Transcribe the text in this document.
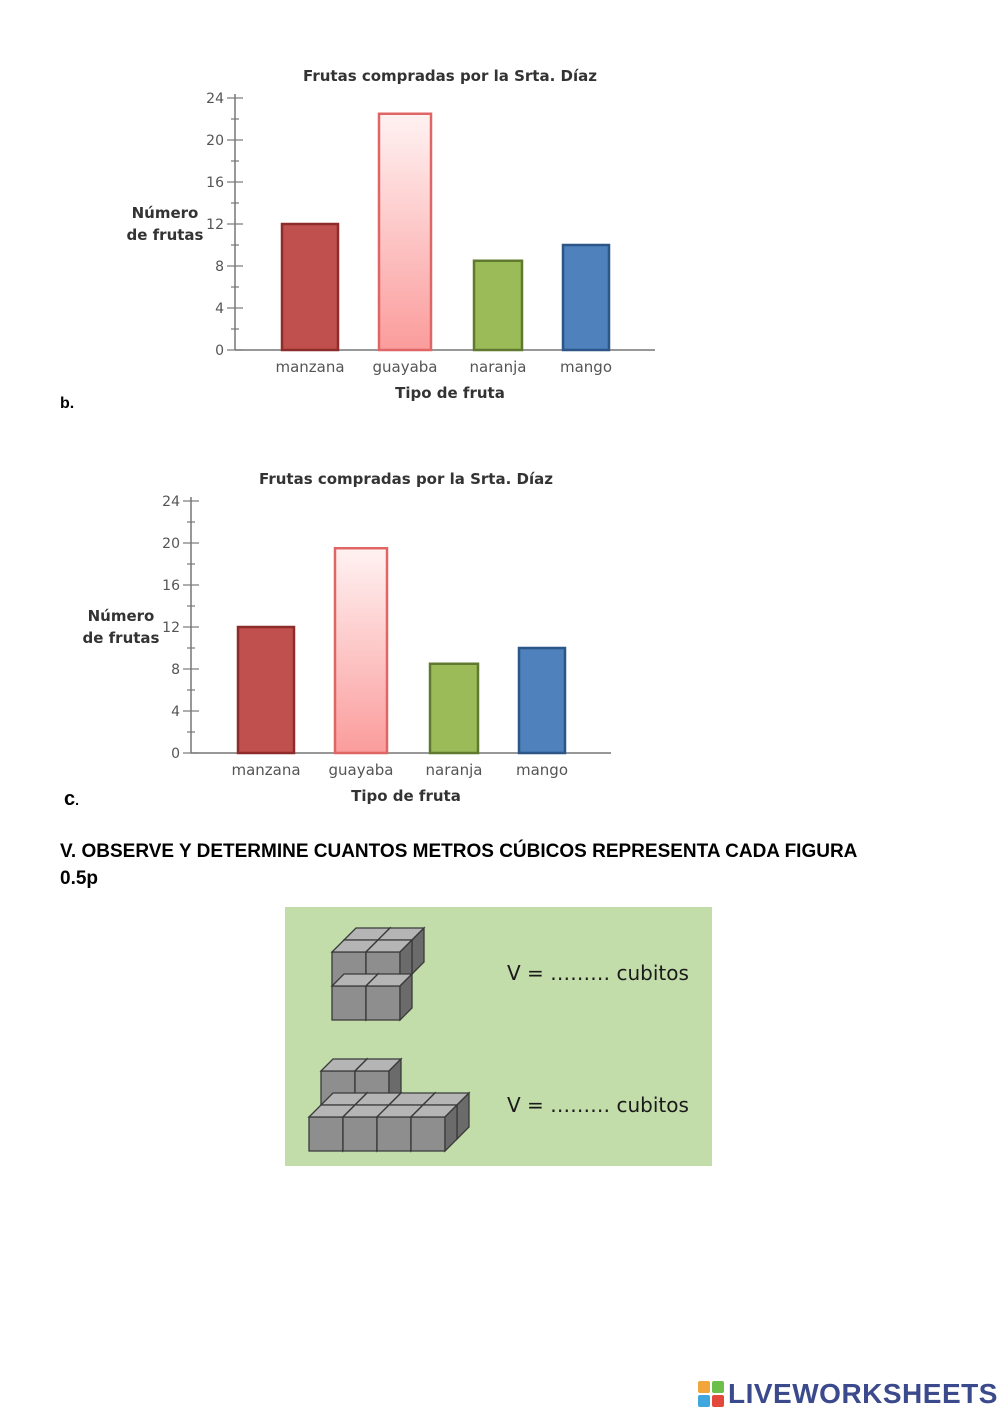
Frutas compradas por la Srta. Díaz
0
4
8
12
16
20
24
Número
de frutas
manzana guayaba naranja mango
Tipo de fruta
b.
Frutas compradas por la Srta. Díaz
0
4
8
12
16
20
24
Número
de frutas
manzana guayaba naranja mango
Tipo de fruta
c.
V. OBSERVE Y DETERMINE CUANTOS METROS CÚBICOS REPRESENTA CADA FIGURA
0.5p
V = ……… cubitos
V = ……… cubitos
LIVEWORKSHEETS
